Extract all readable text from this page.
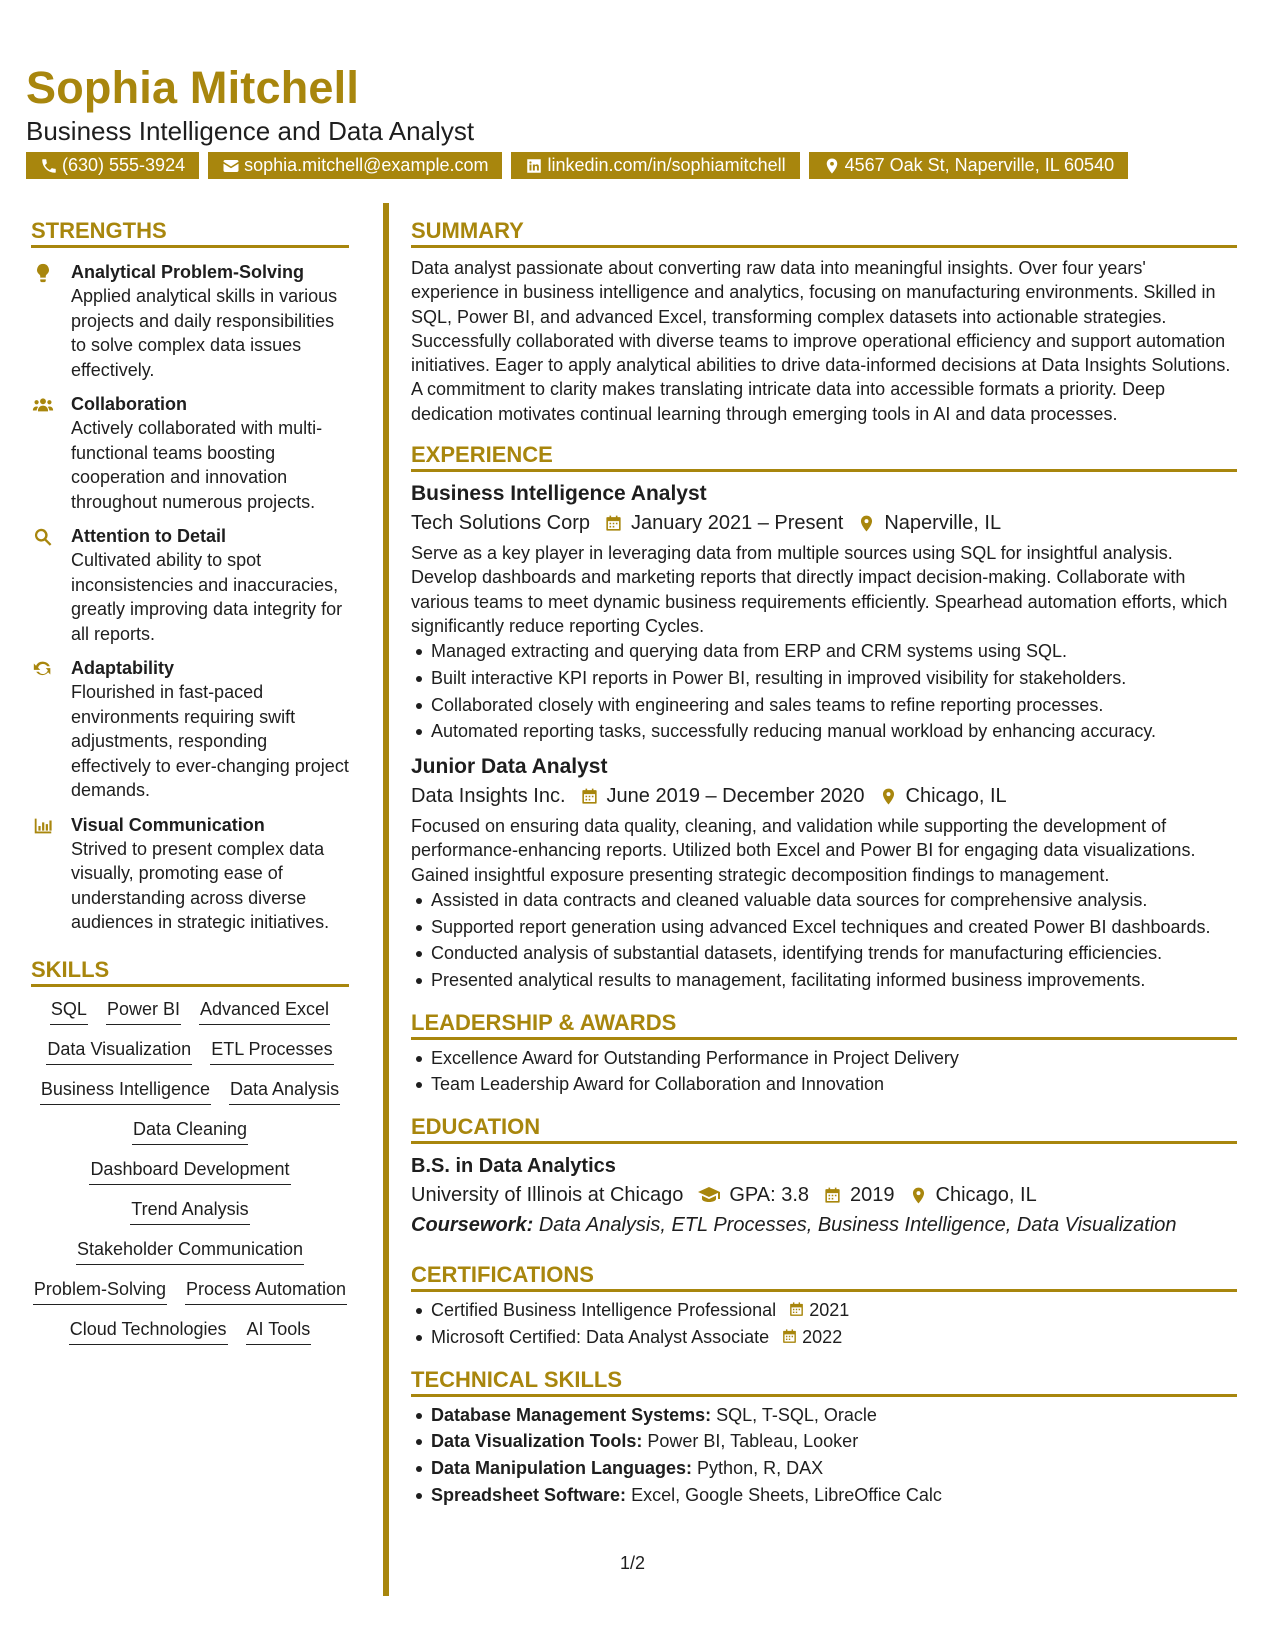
Sophia Mitchell
Business Intelligence and Data Analyst
(630) 555-3924	sophia.mitchell@example.com	linkedin.com/in/sophiamitchell	4567 Oak St, Naperville, IL 60540
STRENGTHS
Analytical Problem-Solving
Applied analytical skills in various projects and daily responsibilities to solve complex data issues effectively.
Collaboration
Actively collaborated with multi-functional teams boosting cooperation and innovation throughout numerous projects.
Attention to Detail
Cultivated ability to spot inconsistencies and inaccuracies, greatly improving data integrity for all reports.
Adaptability
Flourished in fast-paced environments requiring swift adjustments, responding effectively to ever-changing project demands.
Visual Communication
Strived to present complex data visually, promoting ease of understanding across diverse audiences in strategic initiatives.
SKILLS
SQL Power BI Advanced Excel
Data Visualization ETL Processes
Business Intelligence Data Analysis
Data Cleaning
Dashboard Development
Trend Analysis
Stakeholder Communication
Problem-Solving Process Automation
Cloud Technologies AI Tools
SUMMARY
Data analyst passionate about converting raw data into meaningful insights. Over four years' experience in business intelligence and analytics, focusing on manufacturing environments. Skilled in SQL, Power BI, and advanced Excel, transforming complex datasets into actionable strategies. Successfully collaborated with diverse teams to improve operational efficiency and support automation initiatives. Eager to apply analytical abilities to drive data-informed decisions at Data Insights Solutions. A commitment to clarity makes translating intricate data into accessible formats a priority. Deep dedication motivates continual learning through emerging tools in AI and data processes.
EXPERIENCE
Business Intelligence Analyst
Tech Solutions Corp January 2021 – Present Naperville, IL
Serve as a key player in leveraging data from multiple sources using SQL for insightful analysis. Develop dashboards and marketing reports that directly impact decision-making. Collaborate with various teams to meet dynamic business requirements efficiently. Spearhead automation efforts, which significantly reduce reporting Cycles.
Managed extracting and querying data from ERP and CRM systems using SQL.
Built interactive KPI reports in Power BI, resulting in improved visibility for stakeholders.
Collaborated closely with engineering and sales teams to refine reporting processes.
Automated reporting tasks, successfully reducing manual workload by enhancing accuracy.
Junior Data Analyst
Data Insights Inc. June 2019 – December 2020 Chicago, IL
Focused on ensuring data quality, cleaning, and validation while supporting the development of performance-enhancing reports. Utilized both Excel and Power BI for engaging data visualizations. Gained insightful exposure presenting strategic decomposition findings to management.
Assisted in data contracts and cleaned valuable data sources for comprehensive analysis.
Supported report generation using advanced Excel techniques and created Power BI dashboards.
Conducted analysis of substantial datasets, identifying trends for manufacturing efficiencies.
Presented analytical results to management, facilitating informed business improvements.
LEADERSHIP & AWARDS
Excellence Award for Outstanding Performance in Project Delivery
Team Leadership Award for Collaboration and Innovation
EDUCATION
B.S. in Data Analytics
University of Illinois at Chicago GPA: 3.8 2019 Chicago, IL
Coursework: Data Analysis, ETL Processes, Business Intelligence, Data Visualization
CERTIFICATIONS
Certified Business Intelligence Professional 2021
Microsoft Certified: Data Analyst Associate 2022
TECHNICAL SKILLS
Database Management Systems: SQL, T-SQL, Oracle
Data Visualization Tools: Power BI, Tableau, Looker
Data Manipulation Languages: Python, R, DAX
Spreadsheet Software: Excel, Google Sheets, LibreOffice Calc
1/2
